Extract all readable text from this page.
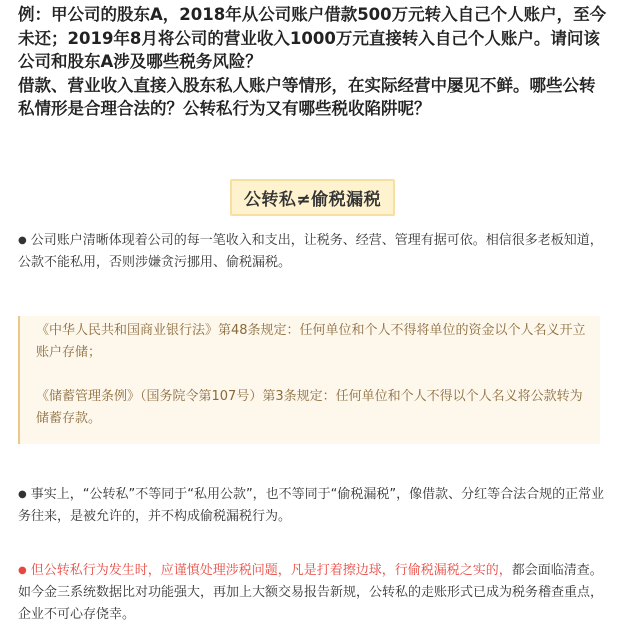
例：甲公司的股东A，2018年从公司账户借款500万元转入自己个人账户，至今未还；2019年8月将公司的营业收入1000万元直接转入自己个人账户。请问该公司和股东A涉及哪些税务风险？

借款、营业收入直接入股东私人账户等情形，在实际经营中屡见不鲜。哪些公转私情形是合理合法的？公转私行为又有哪些税收陷阱呢？

公转私≠偷税漏税
● 公司账户清晰体现着公司的每一笔收入和支出，让税务、经营、管理有据可依。相信很多老板知道，公款不能私用，否则涉嫌贪污挪用、偷税漏税。

《中华人民共和国商业银行法》第48条规定：任何单位和个人不得将单位的资金以个人名义开立账户存储；

《储蓄管理条例》（国务院令第107号）第3条规定：任何单位和个人不得以个人名义将公款转为储蓄存款。

● 事实上，“公转私”不等同于“私用公款”，也不等同于“偷税漏税”，像借款、分红等合法合规的正常业务往来，是被允许的，并不构成偷税漏税行为。
● 但公转私行为发生时，应谨慎处理涉税问题，凡是打着擦边球，行偷税漏税之实的，都会面临清查。如今金三系统数据比对功能强大，再加上大额交易报告新规，公转私的走账形式已成为税务稽查重点，企业不可心存侥幸。
